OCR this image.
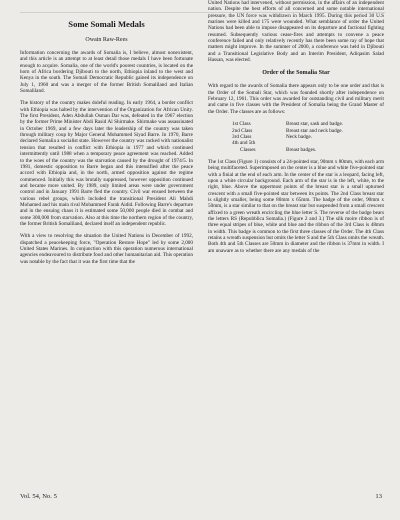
Some Somali Medals
Owain Raw-Rees

Information concerning the awards of Somalia is, I believe, almost nonexistent, and this article is an attempt to at least detail those medals I have been fortunate enough to acquire. Somalia, one of the world's poorest countries, is located on the horn of Africa bordering Djibouti to the north, Ethiopia inland to the west and Kenya in the south. The Somali Democratic Republic gained its independence on July 1, 1960 and was a merger of the former British Somaliland and Italian Somaliland.

The history of the country makes doleful reading. In early 1964, a border conflict with Ethiopia was halted by the intervention of the Organization for African Unity. The first President, Aden Abdullah Osman Dar was, defeated in the 1967 election by the former Prime Minister Abdi Rasid Al Shirmake. Shirmake was assassinated in October 1969, and a few days later the leadership of the country was taken through military coup by Major General Mohammed Siyad Barre. In 1970, Barre declared Somalia a socialist state. However the country was racked with nationalist tension that resulted in conflict with Ethiopia in 1977 and which continued intermittently until 1988 when a temporary peace agreement was reached. Added to the woes of the country was the starvation caused by the drought of 1974/5. In 1981, domestic opposition to Barre began and this intensified after the peace accord with Ethiopia and, in the north, armed opposition against the regime commenced. Initially this was brutally suppressed, however opposition continued and became more united. By 1989, only limited areas were under government control and in January 1991 Barre fled the country. Civil war ensued between the various rebel groups, which included the transitional President Ali Mahdi Mohamed and his main rival Mohammed Farah Aidid. Following Barre's departure and in the ensuing chaos it is estimated some 50,000 people died in combat and some 300,000 from starvation. Also at this time the northern region of the country, the former British Somaliland, declared itself an independent republic.

With a view to resolving the situation the United Nations in December of 1992, dispatched a peacekeeping force, "Operation Restore Hope" led by some 2,000 United States Marines. In conjunction with this operation numerous international agencies endeavoured to distribute food and other humanitarian aid. This operation was notable by the fact that it was the first time that the

United Nations had intervened, without permission, in the affairs of an independent nation. Despite the best efforts of all concerned and some notable international pressure, the UN force was withdrawn in March 1995. During this period 30 U.S marines were killed and 175 were wounded. What semblance of order the United Nations had been able to impose disappeared on its departure and factional fighting resumed. Subsequently various cease-fires and attempts to convene a peace conference failed and only relatively recently has there been some ray of hope that matters might improve. In the summer of 2000, a conference was held in Djibouti and a Transitional Legislative Body and an Interim President, Adiqasim Salad Hassan, was elected.

Order of the Somalia Star

With regard to the awards of Somalia there appears only to be one order and that is the Order of the Somali Star, which was founded shortly after independence on February 12, 1961. This order was awarded for outstanding civil and military merit and came in five classes with the President of Somalia being the Grand Master of the Order. The classes are as follows:

1st Class	Breast star, sash and badge.
2nd Class	Breast star and neck badge.
3rd Class	Neck badge.
4th and 5th	
Classes	Breast badges.

The 1st Class (Figure 1) consists of a 24-pointed star, 90mm x 80mm, with each arm being multifaceted. Superimposed on the center is a blue and white five-pointed star with a finial at the end of each arm. In the center of the star is a leopard, facing left, upon a white circular background. Each arm of the star is in the left, white, to the right, blue. Above the uppermost points of the breast star is a small upturned crescent with a small five-pointed star between its points. The 2nd Class breast star is slightly smaller, being some 80mm x 65mm. The badge of the order, 90mm x 50mm, is a star similar to that on the breast star but suspended from a small crescent affixed to a green wreath encircling the blue letter S. The reverse of the badge bears the letters RS (Repubblica Somalia.) (Figure 2 and 3.) The silk moire ribbon is of three equal stripes of blue, white and blue and the ribbon of the 3rd Class is 48mm in width. This badge is common to the first three classes of the Order. The 4th Class retains a wreath suspension but omits the letter S and the 5th Class omits the wreath. Both 4th and 5th Classes are 50mm in diameter and the ribbon is 37mm in width. I am unaware as to whether there are any medals of the

Vol. 54, No. 5	13
